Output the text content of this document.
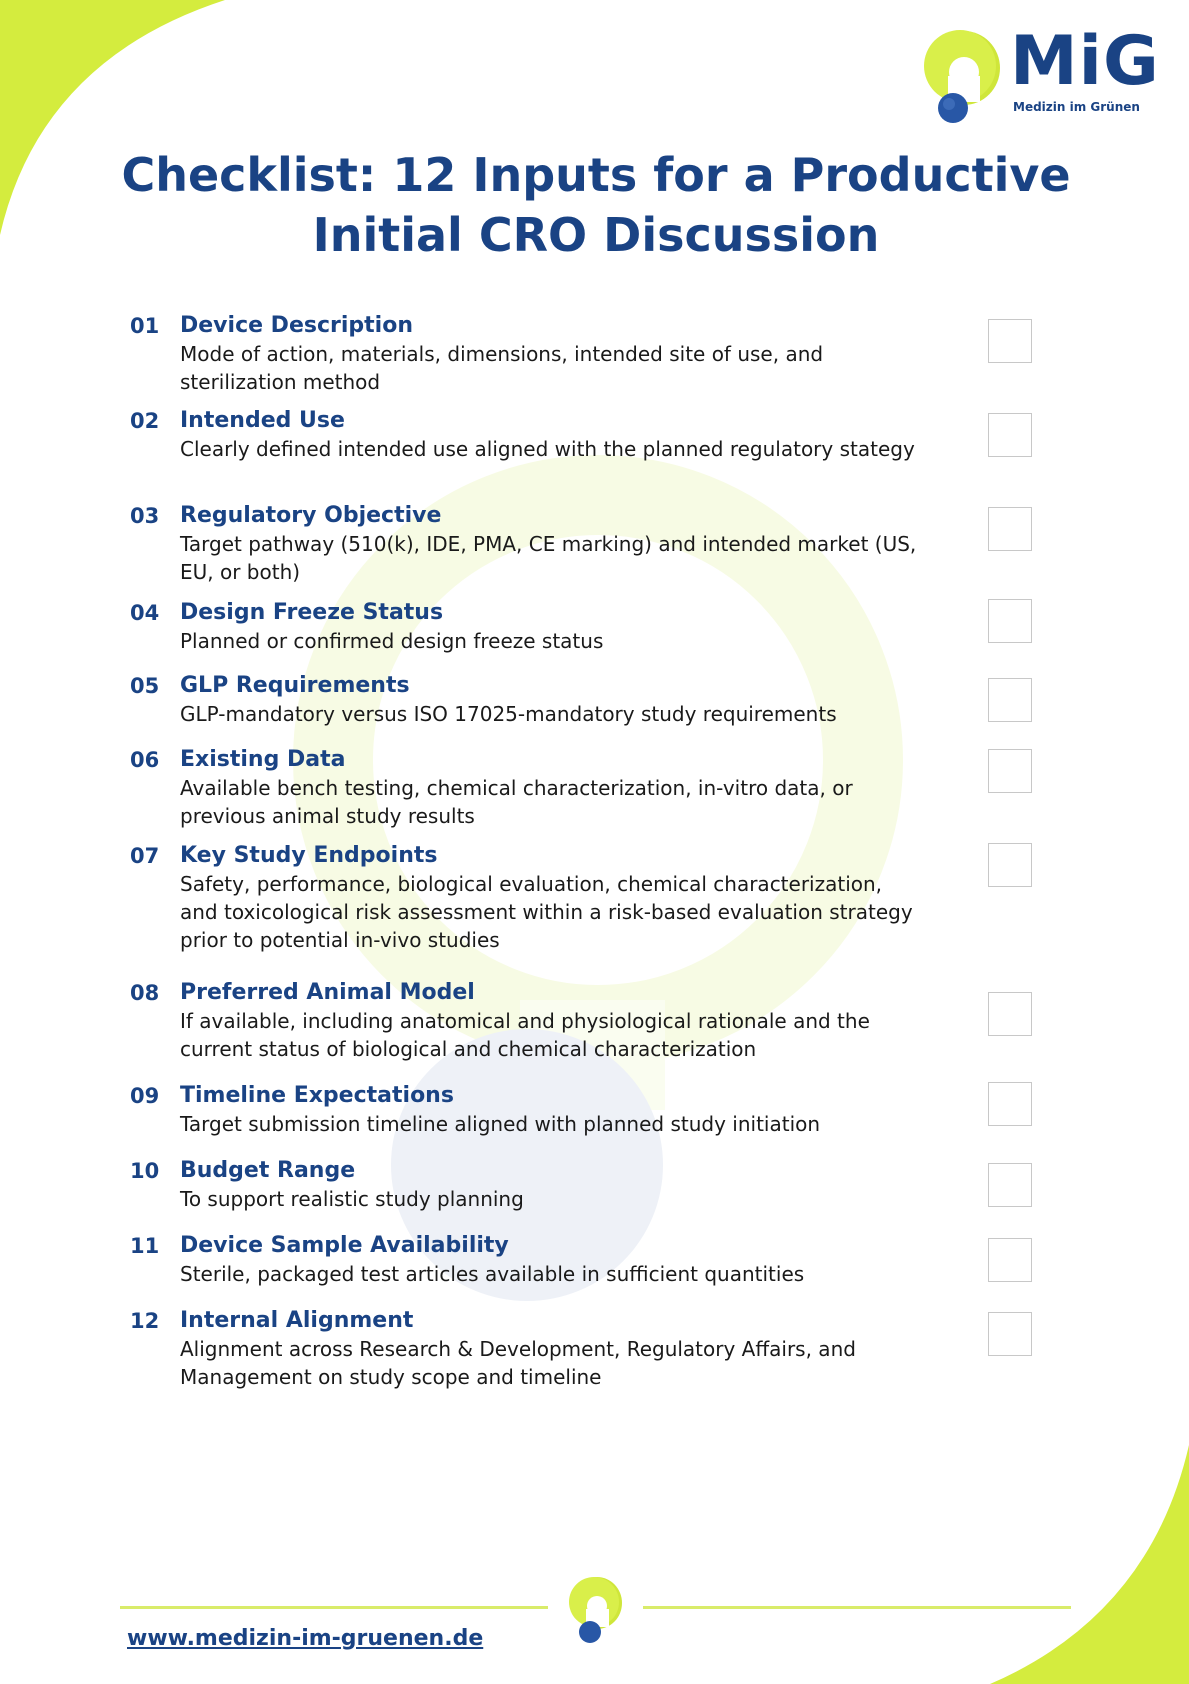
MiG
Medizin im Grünen
Checklist: 12 Inputs for a Productive
Initial CRO Discussion
01 Device Description
Mode of action, materials, dimensions, intended site of use, and sterilization method
02 Intended Use
Clearly defined intended use aligned with the planned regulatory stategy
03 Regulatory Objective
Target pathway (510(k), IDE, PMA, CE marking) and intended market (US, EU, or both)
04 Design Freeze Status
Planned or confirmed design freeze status
05 GLP Requirements
GLP-mandatory versus ISO 17025-mandatory study requirements
06 Existing Data
Available bench testing, chemical characterization, in-vitro data, or previous animal study results
07 Key Study Endpoints
Safety, performance, biological evaluation, chemical characterization, and toxicological risk assessment within a risk-based evaluation strategy prior to potential in-vivo studies
08 Preferred Animal Model
If available, including anatomical and physiological rationale and the current status of biological and chemical characterization
09 Timeline Expectations
Target submission timeline aligned with planned study initiation
10 Budget Range
To support realistic study planning
11 Device Sample Availability
Sterile, packaged test articles available in sufficient quantities
12 Internal Alignment
Alignment across Research & Development, Regulatory Affairs, and Management on study scope and timeline
www.medizin-im-gruenen.de
